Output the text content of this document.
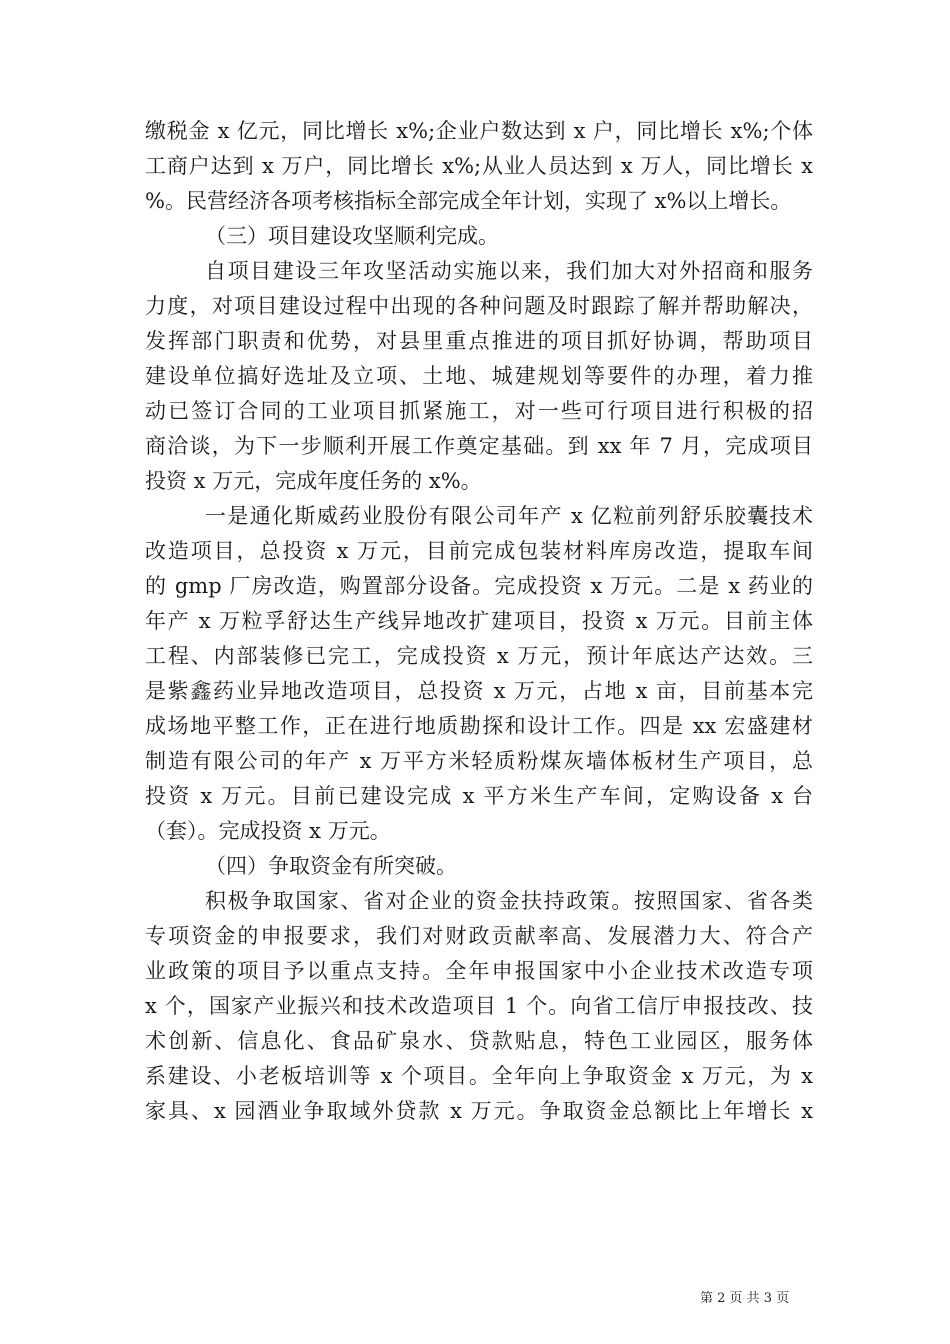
缴税金 x 亿元，同比增长 x%;企业户数达到 x 户，同比增长 x%;个体
工商户达到 x 万户，同比增长 x%;从业人员达到 x 万人，同比增长 x
%。民营经济各项考核指标全部完成全年计划，实现了 x%以上增长。
（三）项目建设攻坚顺利完成。
自项目建设三年攻坚活动实施以来，我们加大对外招商和服务
力度，对项目建设过程中出现的各种问题及时跟踪了解并帮助解决，
发挥部门职责和优势，对县里重点推进的项目抓好协调，帮助项目
建设单位搞好选址及立项、土地、城建规划等要件的办理，着力推
动已签订合同的工业项目抓紧施工，对一些可行项目进行积极的招
商洽谈，为下一步顺利开展工作奠定基础。到 xx 年 7 月，完成项目
投资 x 万元，完成年度任务的 x%。
一是通化斯威药业股份有限公司年产 x 亿粒前列舒乐胶囊技术
改造项目，总投资 x 万元，目前完成包装材料库房改造，提取车间
的 gmp 厂房改造，购置部分设备。完成投资 x 万元。二是 x 药业的
年产 x 万粒孚舒达生产线异地改扩建项目，投资 x 万元。目前主体
工程、内部装修已完工，完成投资 x 万元，预计年底达产达效。三
是紫鑫药业异地改造项目，总投资 x 万元，占地 x 亩，目前基本完
成场地平整工作，正在进行地质勘探和设计工作。四是 xx 宏盛建材
制造有限公司的年产 x 万平方米轻质粉煤灰墙体板材生产项目，总
投资 x 万元。目前已建设完成 x 平方米生产车间，定购设备 x 台
（套）。完成投资 x 万元。
（四）争取资金有所突破。
积极争取国家、省对企业的资金扶持政策。按照国家、省各类
专项资金的申报要求，我们对财政贡献率高、发展潜力大、符合产
业政策的项目予以重点支持。全年申报国家中小企业技术改造专项
x 个，国家产业振兴和技术改造项目 1 个。向省工信厅申报技改、技
术创新、信息化、食品矿泉水、贷款贴息，特色工业园区，服务体
系建设、小老板培训等 x 个项目。全年向上争取资金 x 万元，为 x
家具、x 园酒业争取域外贷款 x 万元。争取资金总额比上年增长 x
第 2 页 共 3 页
